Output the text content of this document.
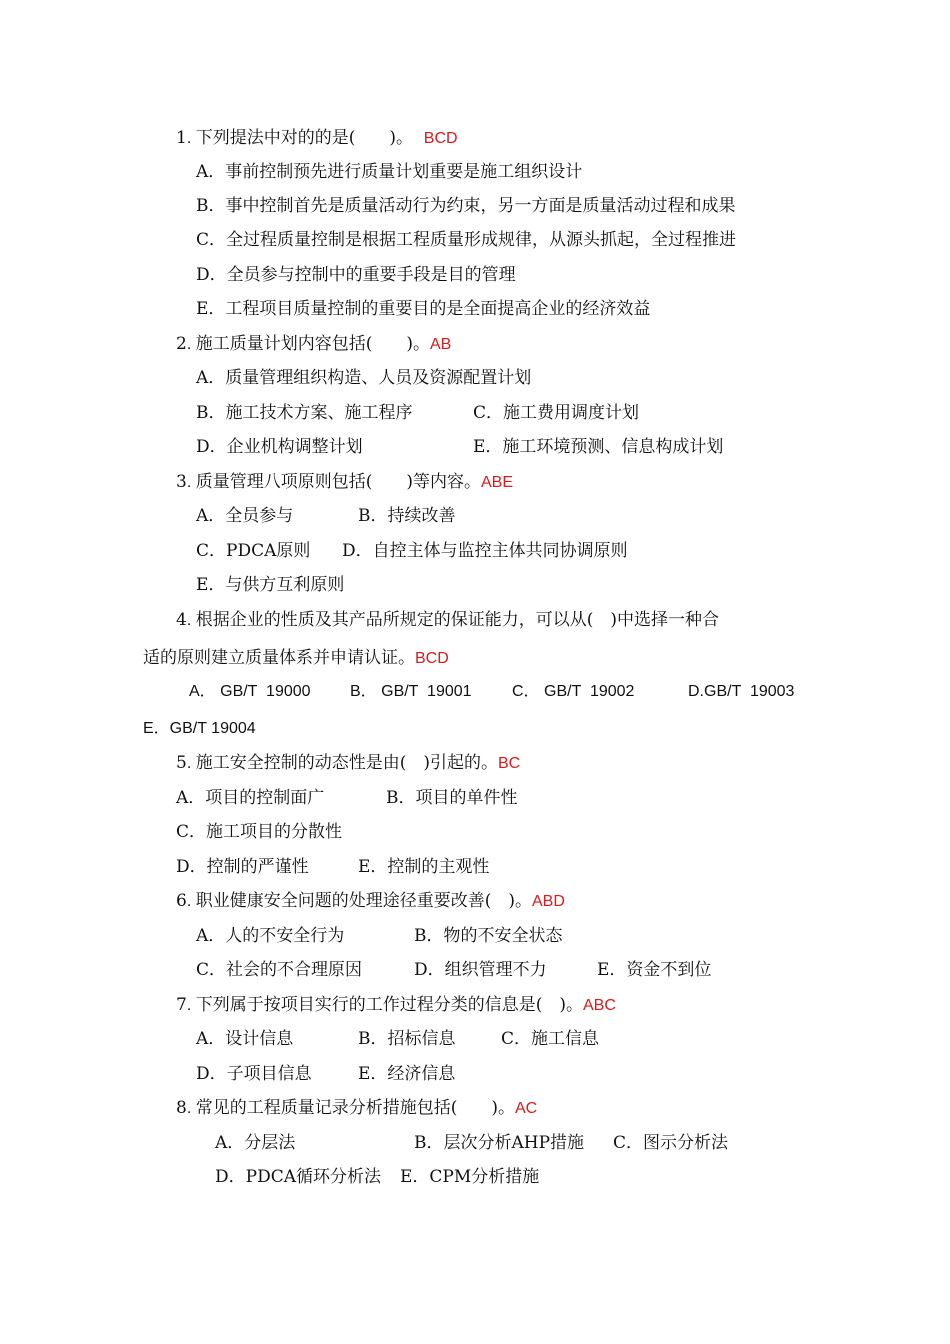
1. 下列提法中对的的是(　　)。 BCD
A．事前控制预先进行质量计划重要是施工组织设计
B．事中控制首先是质量活动行为约束，另一方面是质量活动过程和成果
C．全过程质量控制是根据工程质量形成规律，从源头抓起，全过程推进
D．全员参与控制中的重要手段是目的管理
E．工程项目质量控制的重要目的是全面提高企业的经济效益
2. 施工质量计划内容包括(　　)。AB
A．质量管理组织构造、人员及资源配置计划
B．施工技术方案、施工程序	C．施工费用调度计划
D．企业机构调整计划	E．施工环境预测、信息构成计划
3. 质量管理八项原则包括(　　)等内容。ABE
A．全员参与	B．持续改善
C．PDCA原则 D．自控主体与监控主体共同协调原则
E．与供方互利原则
4. 根据企业的性质及其产品所规定的保证能力，可以从(　)中选择一种合
适的原则建立质量体系并申请认证。BCD
A． GB/T  19000 B． GB/T  19001	C． GB/T  19002	D.GB/T  19003
E．GB/T 19004
5. 施工安全控制的动态性是由(　)引起的。BC
A．项目的控制面广	B．项目的单件性
C．施工项目的分散性
D．控制的严谨性	E．控制的主观性
6. 职业健康安全问题的处理途径重要改善(　)。ABD
A．人的不安全行为	B．物的不安全状态
C．社会的不合理原因	D．组织管理不力	E．资金不到位
7. 下列属于按项目实行的工作过程分类的信息是(　)。ABC
A．设计信息	B．招标信息	C．施工信息
D．子项目信息	E．经济信息
8. 常见的工程质量记录分析措施包括(　　)。AC
A．分层法	B．层次分析AHP措施 C．图示分析法
D．PDCA循环分析法 E．CPM分析措施
